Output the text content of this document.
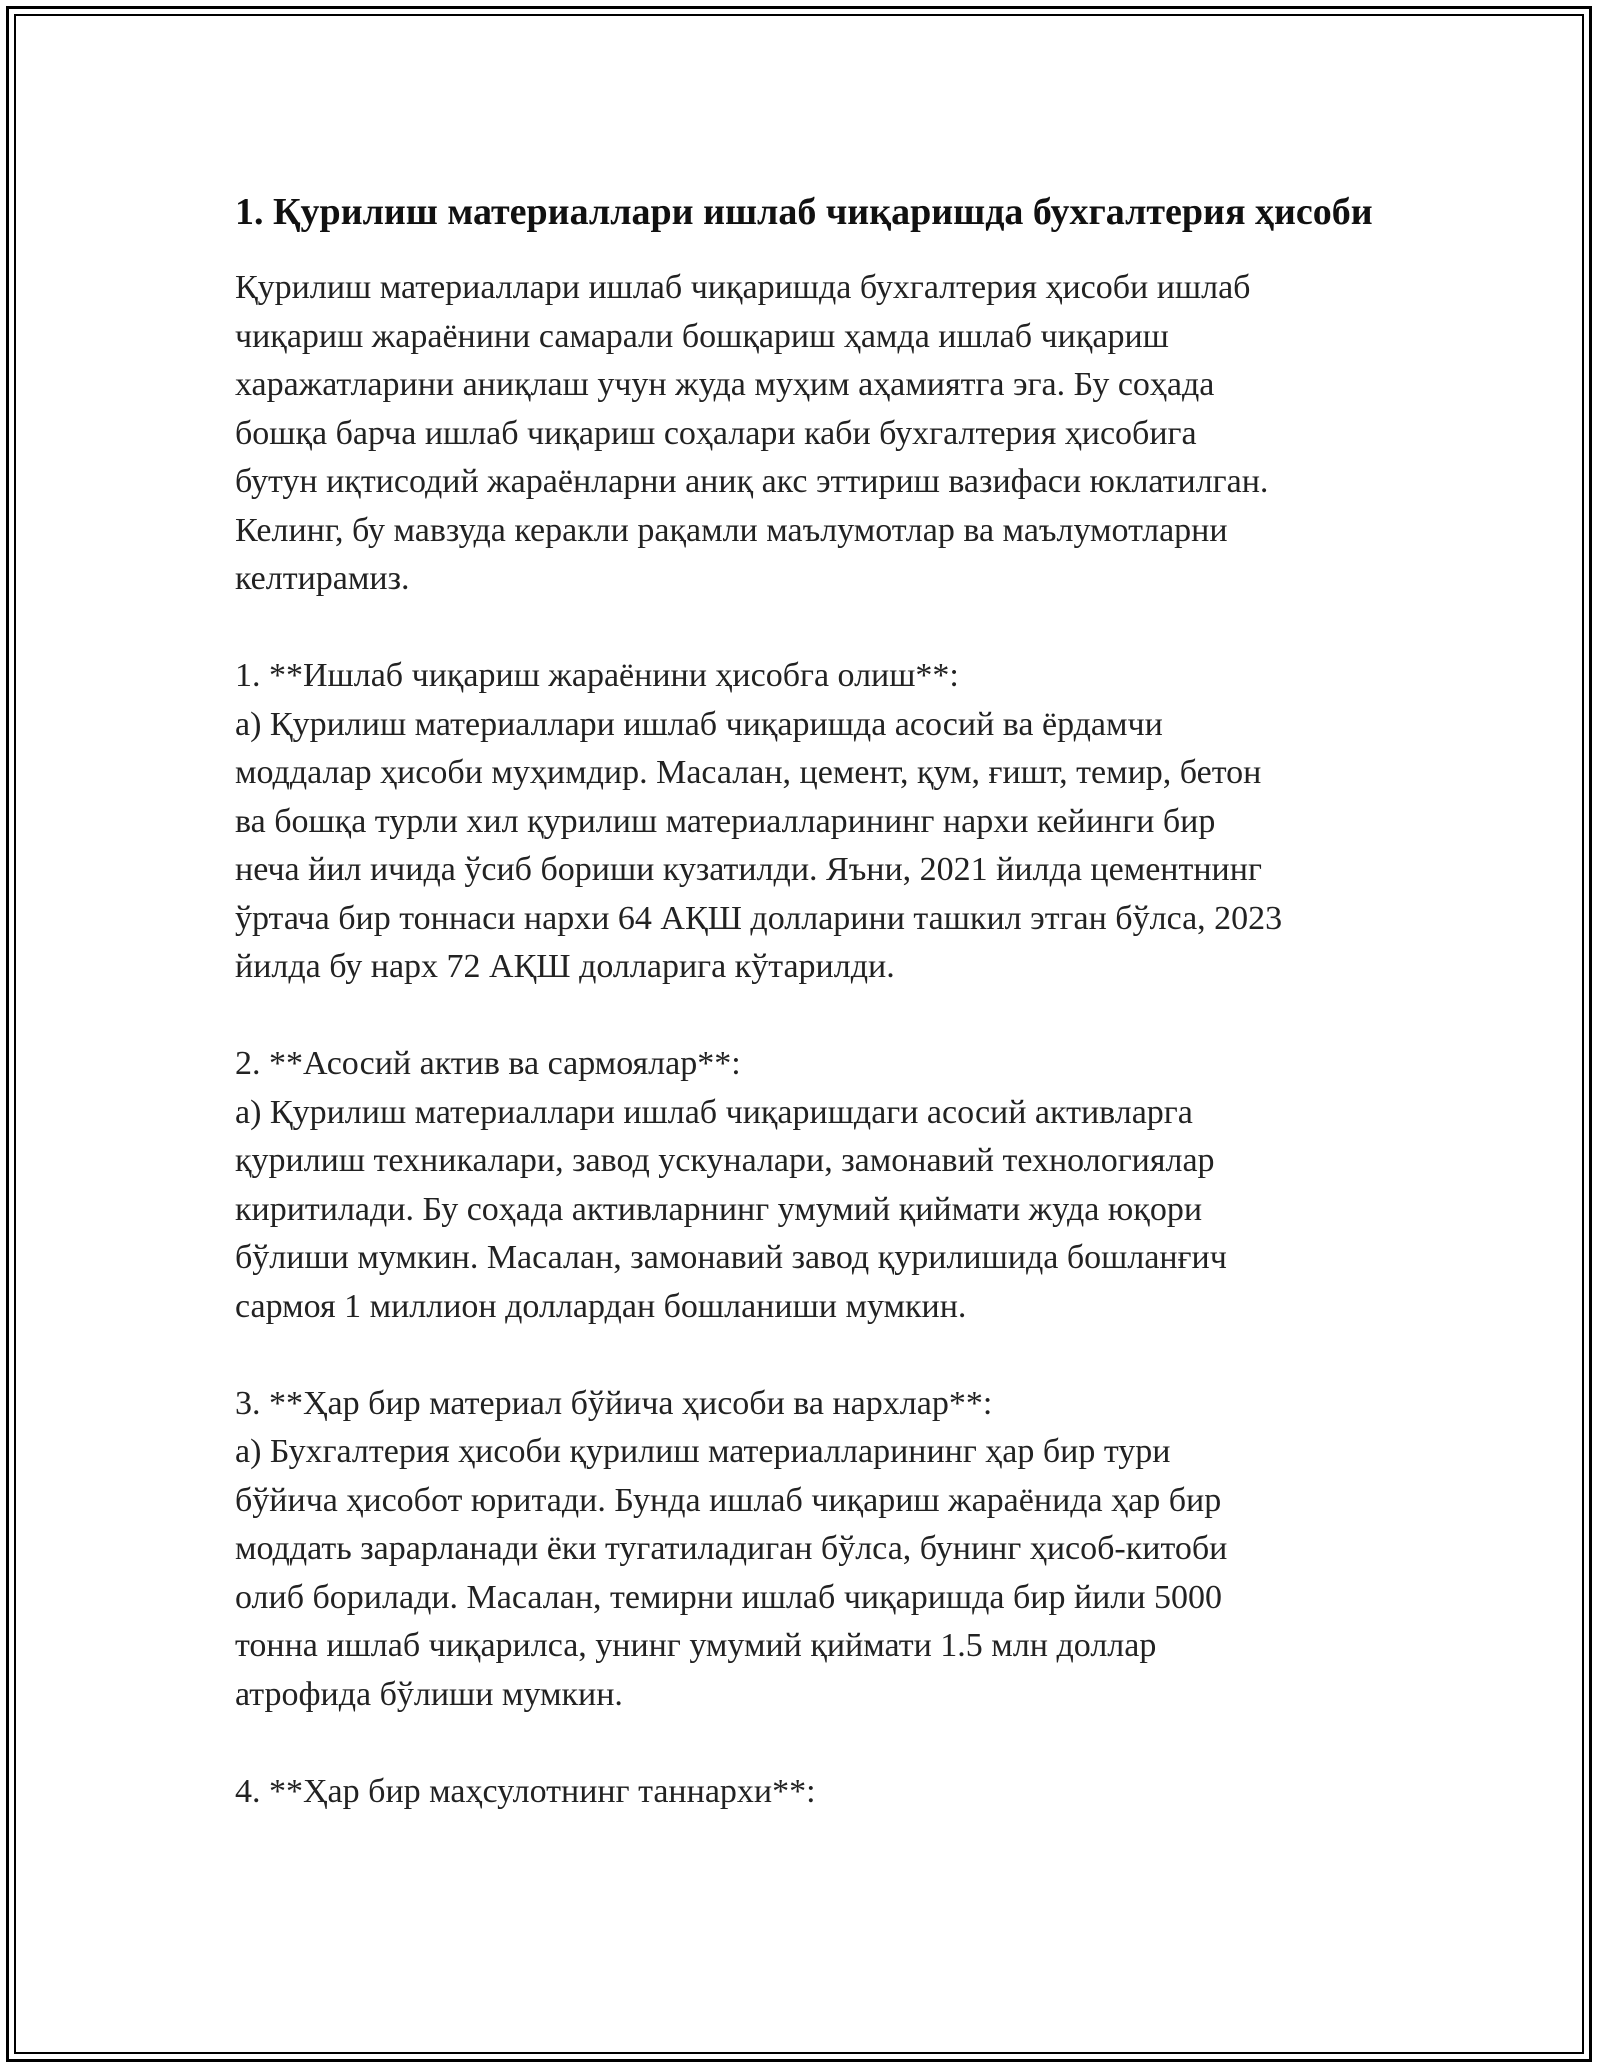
1. Қурилиш материаллари ишлаб чиқаришда бухгалтерия ҳисоби

Қурилиш материаллари ишлаб чиқаришда бухгалтерия ҳисоби ишлаб
чиқариш жараёнини самарали бошқариш ҳамда ишлаб чиқариш
харажатларини аниқлаш учун жуда муҳим аҳамиятга эга. Бу соҳада
бошқа барча ишлаб чиқариш соҳалари каби бухгалтерия ҳисобига
бутун иқтисодий жараёнларни аниқ акс эттириш вазифаси юклатилган.
Келинг, бу мавзуда керакли рақамли маълумотлар ва маълумотларни
келтирамиз.

1. **Ишлаб чиқариш жараёнини ҳисобга олиш**:

а) Қурилиш материаллари ишлаб чиқаришда асосий ва ёрдамчи
моддалар ҳисоби муҳимдир. Масалан, цемент, қум, ғишт, темир, бетон
ва бошқа турли хил қурилиш материалларининг нархи кейинги бир
неча йил ичида ўсиб бориши кузатилди. Яъни, 2021 йилда цементнинг
ўртача бир тоннаси нархи 64 АҚШ долларини ташкил этган бўлса, 2023
йилда бу нарх 72 АҚШ долларига кўтарилди.

2. **Асосий актив ва сармоялар**:

а) Қурилиш материаллари ишлаб чиқаришдаги асосий активларга
қурилиш техникалари, завод ускуналари, замонавий технологиялар
киритилади. Бу соҳада активларнинг умумий қиймати жуда юқори
бўлиши мумкин. Масалан, замонавий завод қурилишида бошланғич
сармоя 1 миллион доллардан бошланиши мумкин.

3. **Ҳар бир материал бўйича ҳисоби ва нархлар**:

а) Бухгалтерия ҳисоби қурилиш материалларининг ҳар бир тури
бўйича ҳисобот юритади. Бунда ишлаб чиқариш жараёнида ҳар бир
моддать зарарланади ёки тугатиладиган бўлса, бунинг ҳисоб-китоби
олиб борилади. Масалан, темирни ишлаб чиқаришда бир йили 5000
тонна ишлаб чиқарилса, унинг умумий қиймати 1.5 млн доллар
атрофида бўлиши мумкин.

4. **Ҳар бир маҳсулотнинг таннархи**:
